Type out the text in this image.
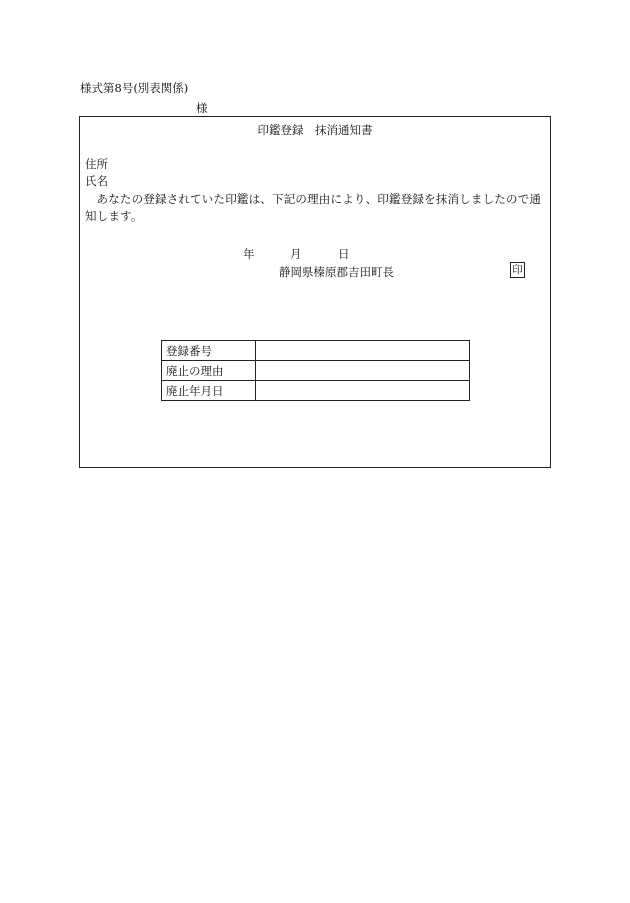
様式第8号(別表関係)
様
印鑑登録　抹消通知書
住所
氏名
あなたの登録されていた印鑑は、下記の理由により、印鑑登録を抹消しましたので通知します。
年	月	日
静岡県榛原郡吉田町長	印
登録番号	
廃止の理由	
廃止年月日	
